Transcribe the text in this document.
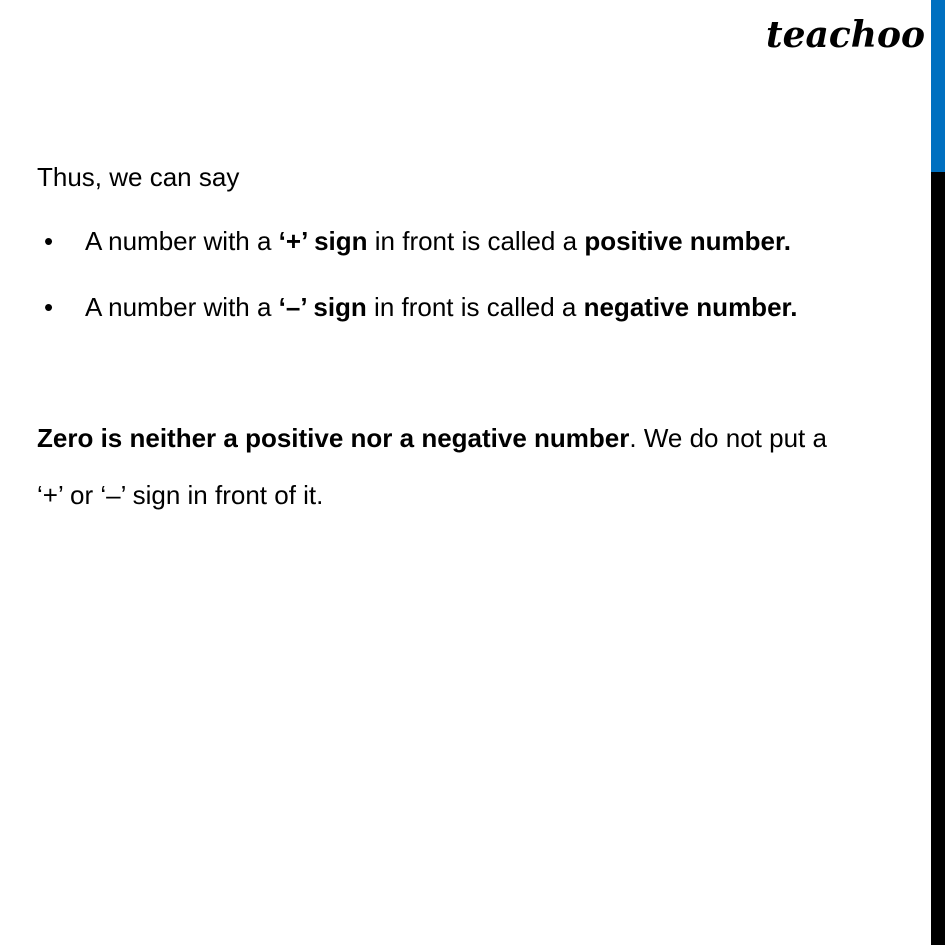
teachoo
Thus, we can say
• A number with a ‘+’ sign in front is called a positive number.
• A number with a ‘–’ sign in front is called a negative number.
Zero is neither a positive nor a negative number. We do not put a
‘+’ or ‘–’ sign in front of it.
